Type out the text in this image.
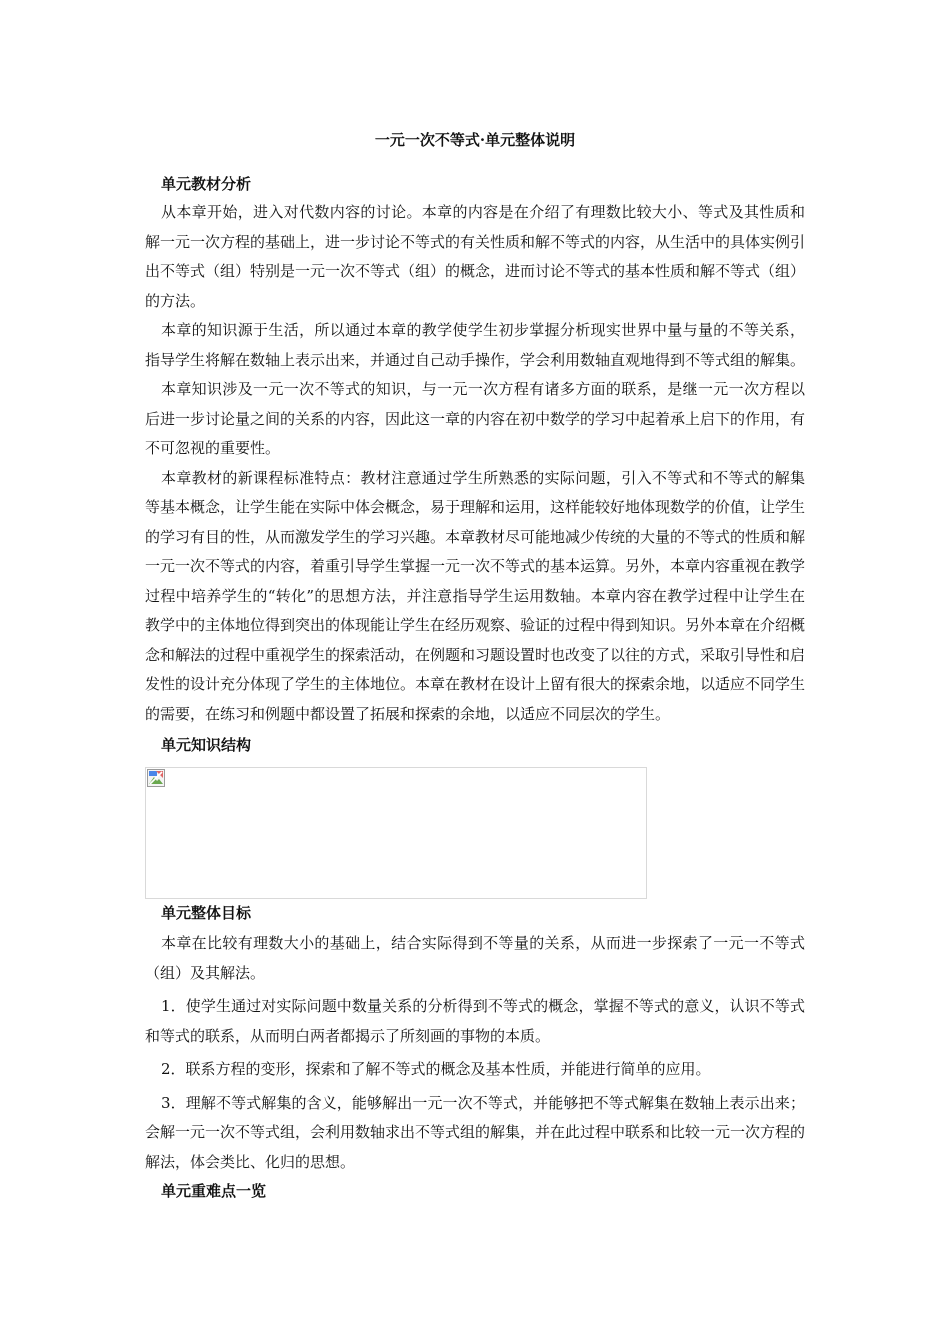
一元一次不等式·单元整体说明

单元教材分析

从本章开始，进入对代数内容的讨论。本章的内容是在介绍了有理数比较大小、等式及其性质和解一元一次方程的基础上，进一步讨论不等式的有关性质和解不等式的内容，从生活中的具体实例引出不等式（组）特别是一元一次不等式（组）的概念，进而讨论不等式的基本性质和解不等式（组）的方法。

本章的知识源于生活，所以通过本章的教学使学生初步掌握分析现实世界中量与量的不等关系，指导学生将解在数轴上表示出来，并通过自己动手操作，学会利用数轴直观地得到不等式组的解集。

本章知识涉及一元一次不等式的知识，与一元一次方程有诸多方面的联系，是继一元一次方程以后进一步讨论量之间的关系的内容，因此这一章的内容在初中数学的学习中起着承上启下的作用，有不可忽视的重要性。

本章教材的新课程标准特点：教材注意通过学生所熟悉的实际问题，引入不等式和不等式的解集等基本概念，让学生能在实际中体会概念，易于理解和运用，这样能较好地体现数学的价值，让学生的学习有目的性，从而激发学生的学习兴趣。本章教材尽可能地减少传统的大量的不等式的性质和解一元一次不等式的内容，着重引导学生掌握一元一次不等式的基本运算。另外，本章内容重视在教学过程中培养学生的“转化”的思想方法，并注意指导学生运用数轴。本章内容在教学过程中让学生在教学中的主体地位得到突出的体现能让学生在经历观察、验证的过程中得到知识。另外本章在介绍概念和解法的过程中重视学生的探索活动，在例题和习题设置时也改变了以往的方式，采取引导性和启发性的设计充分体现了学生的主体地位。本章在教材在设计上留有很大的探索余地，以适应不同学生的需要，在练习和例题中都设置了拓展和探索的余地，以适应不同层次的学生。

单元知识结构

单元整体目标

本章在比较有理数大小的基础上，结合实际得到不等量的关系，从而进一步探索了一元一不等式（组）及其解法。

1．使学生通过对实际问题中数量关系的分析得到不等式的概念，掌握不等式的意义，认识不等式和等式的联系，从而明白两者都揭示了所刻画的事物的本质。

2．联系方程的变形，探索和了解不等式的概念及基本性质，并能进行简单的应用。

3．理解不等式解集的含义，能够解出一元一次不等式，并能够把不等式解集在数轴上表示出来；会解一元一次不等式组，会利用数轴求出不等式组的解集，并在此过程中联系和比较一元一次方程的解法，体会类比、化归的思想。

单元重难点一览
